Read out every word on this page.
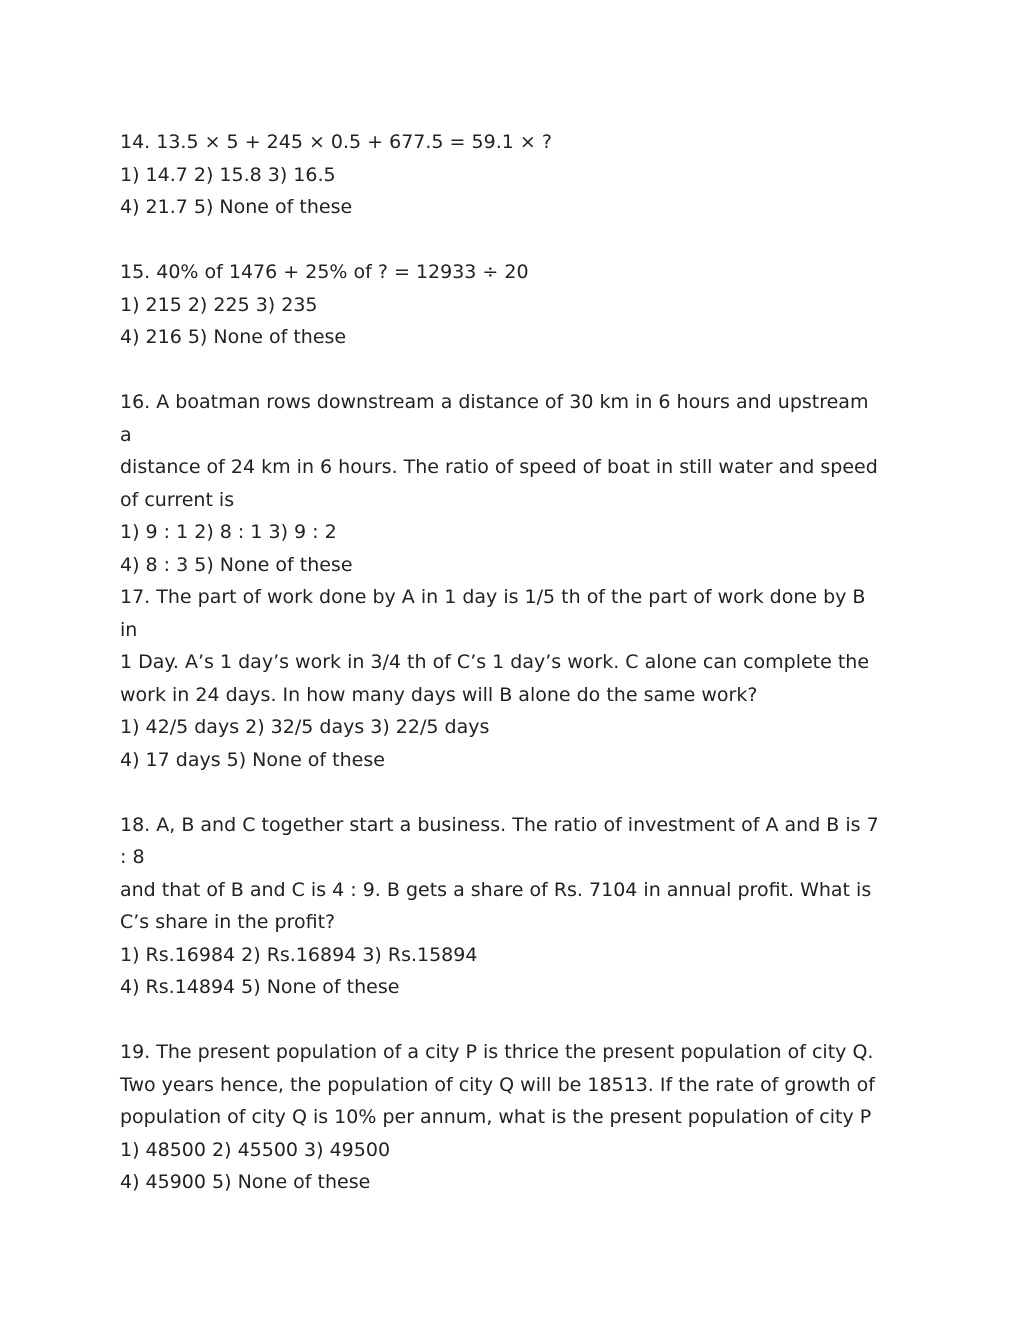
14. 13.5 × 5 + 245 × 0.5 + 677.5 = 59.1 × ?
1) 14.7 2) 15.8 3) 16.5
4) 21.7 5) None of these
15. 40% of 1476 + 25% of ? = 12933 ÷ 20
1) 215 2) 225 3) 235
4) 216 5) None of these
16. A boatman rows downstream a distance of 30 km in 6 hours and upstream
a
distance of 24 km in 6 hours. The ratio of speed of boat in still water and speed
of current is
1) 9 : 1 2) 8 : 1 3) 9 : 2
4) 8 : 3 5) None of these
17. The part of work done by A in 1 day is 1/5 th of the part of work done by B
in
1 Day. A’s 1 day’s work in 3/4 th of C’s 1 day’s work. C alone can complete the
work in 24 days. In how many days will B alone do the same work?
1) 42/5 days 2) 32/5 days 3) 22/5 days
4) 17 days 5) None of these
18. A, B and C together start a business. The ratio of investment of A and B is 7
: 8
and that of B and C is 4 : 9. B gets a share of Rs. 7104 in annual profit. What is
C’s share in the profit?
1) Rs.16984 2) Rs.16894 3) Rs.15894
4) Rs.14894 5) None of these
19. The present population of a city P is thrice the present population of city Q.
Two years hence, the population of city Q will be 18513. If the rate of growth of
population of city Q is 10% per annum, what is the present population of city P
1) 48500 2) 45500 3) 49500
4) 45900 5) None of these
